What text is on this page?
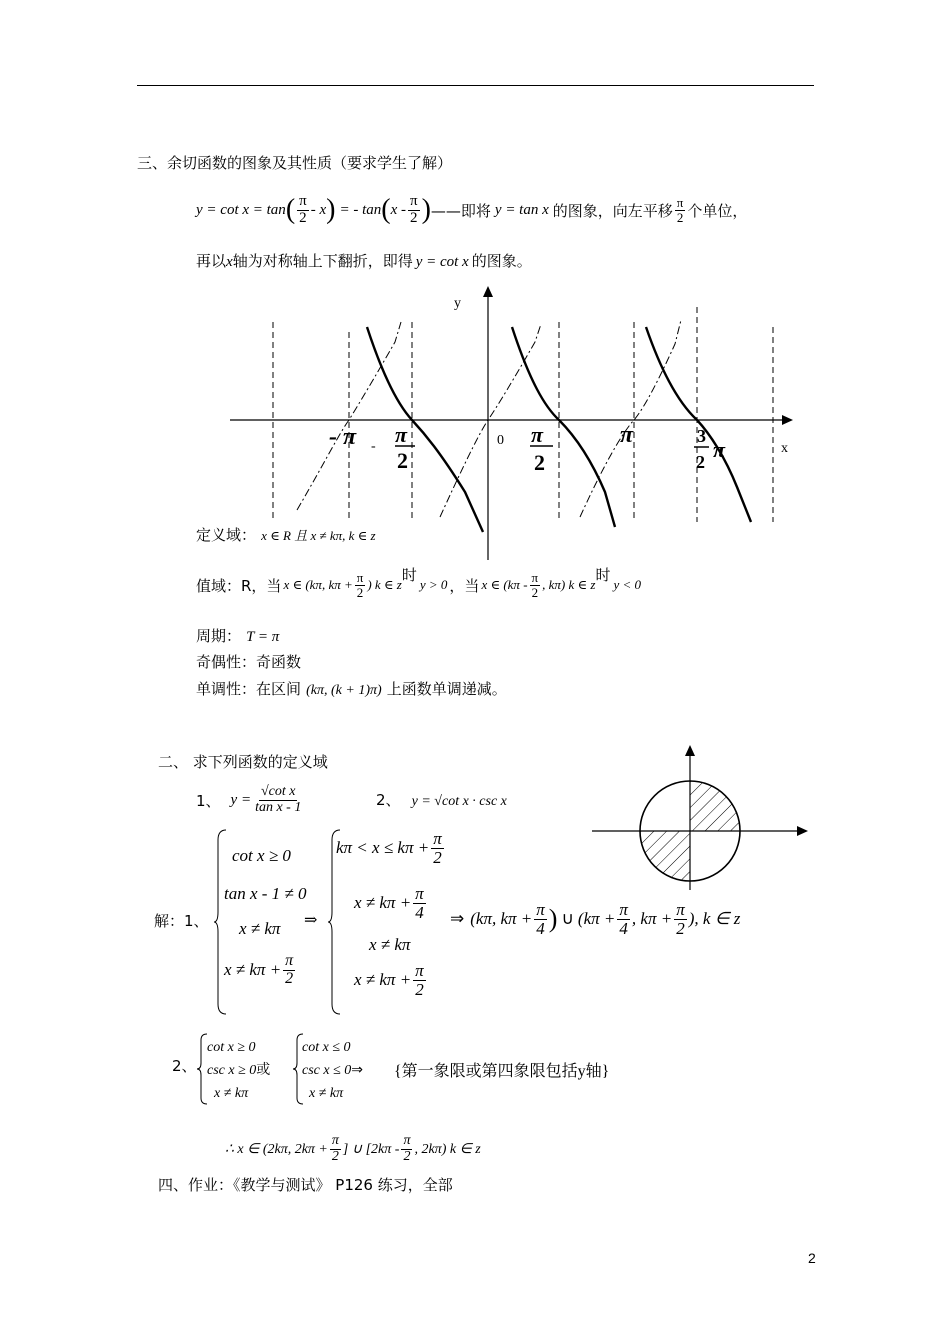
三、余切函数的图象及其性质（要求学生了解）
y = cot x = tan ( $\frac{\pi}{2}$ - x ) = - tan ( x - $\frac{\pi}{2}$ ) ——即将 y = tan x 的图象，向左平移 $\frac{\pi}{2}$ 个单位，
再以x轴为对称轴上下翻折，即得 y = cot x 的图象。
y
x
0
- π - π
2
π
2
π	3
2 π
定义域： x ∈ R 且 x ≠ kπ, k ∈ z
值域：R，当 x ∈ (kπ, $k\pi + \frac{\pi}{2}$ ) k ∈ z
时
y > 0 ，当 x ∈ ($k\pi - \frac{\pi}{2}$ , kπ) k ∈ z
时
y < 0
周期： T = π
奇偶性：奇函数
单调性：在区间 (kπ, (k + 1)π) 上函数单调递减。
二、 求下列函数的定义域
1、 $y = \frac{\text{√cot x}}{\text{tan x - 1}}$	2、 y = √cot x · csc x
解：1、
cot x ≥ 0
tan x - 1 ≠ 0
x ≠ kπ
$x \ne k\pi + \frac{\pi}{2}$
⇒
$k\pi < x \le k\pi + \frac{\pi}{2}$
$x \ne k\pi + \frac{\pi}{4}$
x ≠ kπ
$x \ne k\pi + \frac{\pi}{2}$
⇒ (kπ, $k\pi + \frac{\pi}{4}$ ) ∪ ($k\pi + \frac{\pi}{4}$ , $k\pi + \frac{\pi}{2}$ ), k ∈ z
2、
cot x ≥ 0
csc x ≥ 0或
x ≠ kπ
cot x ≤ 0
csc x ≤ 0⇒
x ≠ kπ
{第一象限或第四象限包括y轴}
∴ x ∈ (2kπ, $2k\pi + \frac{\pi}{2}$ ] ∪ [$2k\pi - \frac{\pi}{2}$ , 2kπ) k ∈ z
四、作业：《教学与测试》 P126 练习，全部
2
